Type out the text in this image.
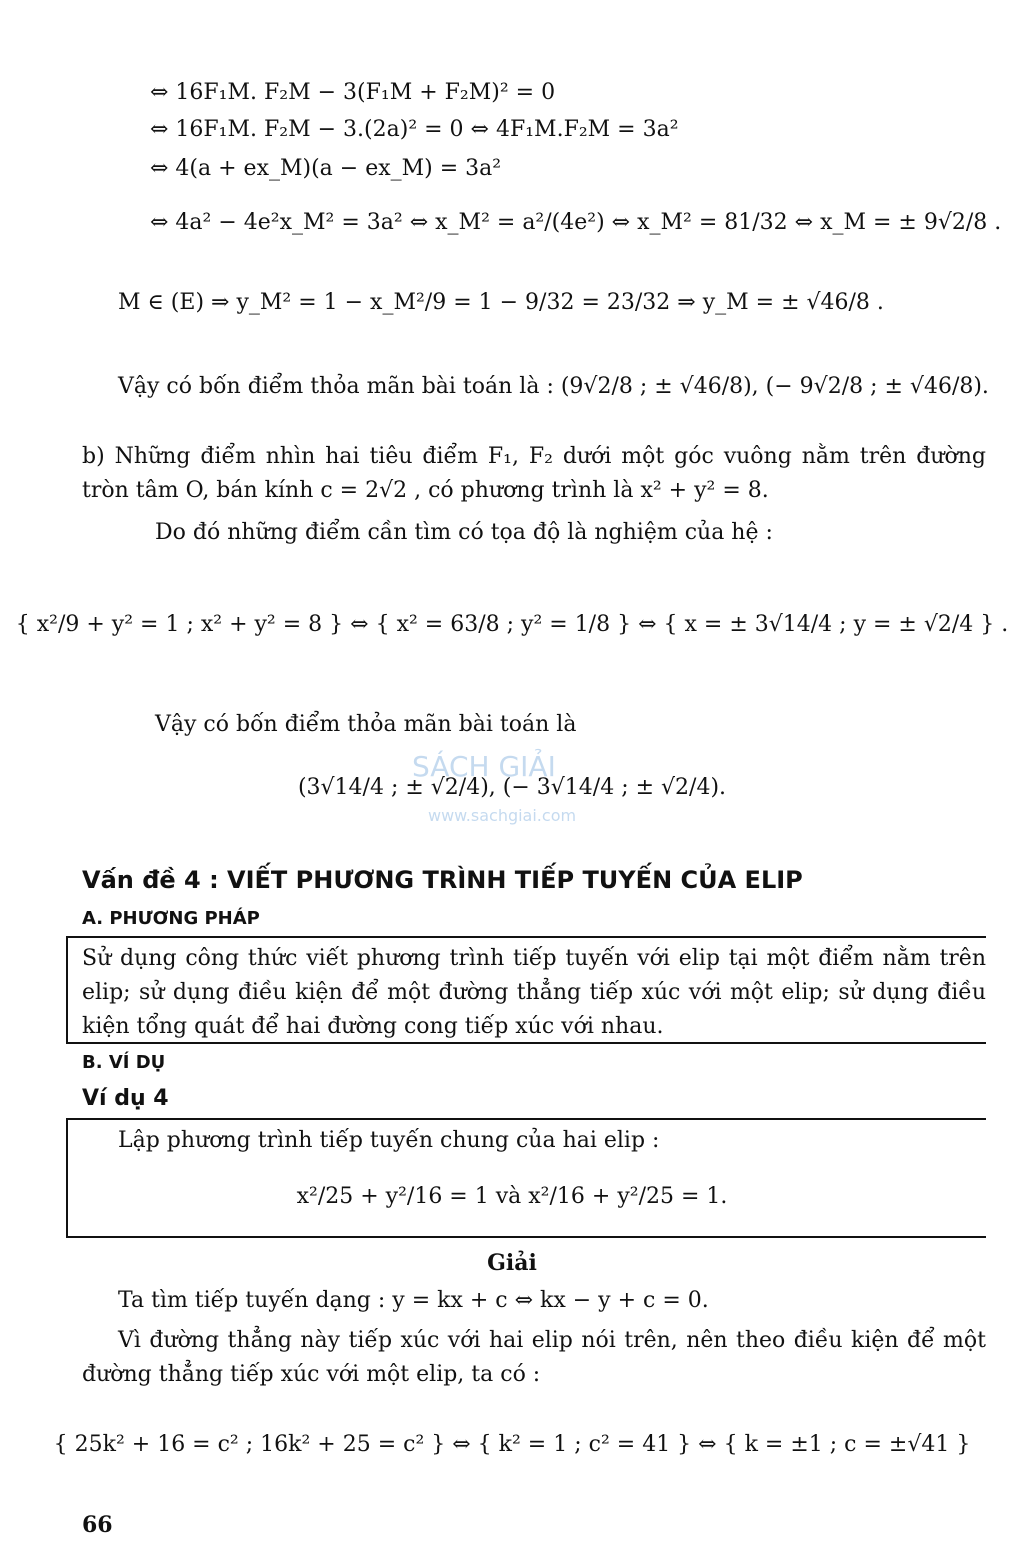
⇔ 16F₁M. F₂M − 3(F₁M + F₂M)² = 0
⇔ 16F₁M. F₂M − 3.(2a)² = 0 ⇔ 4F₁M.F₂M = 3a²
⇔ 4(a + ex_M)(a − ex_M) = 3a²
⇔ 4a² − 4e²x_M² = 3a² ⇔ x_M² = a²/(4e²) ⇔ x_M² = 81/32 ⇔ x_M = ± 9√2/8 .
M ∈ (E) ⇒ y_M² = 1 − x_M²/9 = 1 − 9/32 = 23/32 ⇒ y_M = ± √46/8 .
Vậy có bốn điểm thỏa mãn bài toán là : (9√2/8 ; ± √46/8), (− 9√2/8 ; ± √46/8).
b) Những điểm nhìn hai tiêu điểm F₁, F₂ dưới một góc vuông nằm trên đường tròn tâm O, bán kính c = 2√2 , có phương trình là x² + y² = 8.
Do đó những điểm cần tìm có tọa độ là nghiệm của hệ :
{ x²/9 + y² = 1 ; x² + y² = 8 } ⇔ { x² = 63/8 ; y² = 1/8 } ⇔ { x = ± 3√14/4 ; y = ± √2/4 } .
Vậy có bốn điểm thỏa mãn bài toán là
(3√14/4 ; ± √2/4), (− 3√14/4 ; ± √2/4).
SÁCH GIẢI
www.sachgiai.com
Vấn đề 4 : VIẾT PHƯƠNG TRÌNH TIẾP TUYẾN CỦA ELIP
A. PHƯƠNG PHÁP
Sử dụng công thức viết phương trình tiếp tuyến với elip tại một điểm nằm trên elip; sử dụng điều kiện để một đường thẳng tiếp xúc với một elip; sử dụng điều kiện tổng quát để hai đường cong tiếp xúc với nhau.
B. VÍ DỤ
Ví dụ 4
Lập phương trình tiếp tuyến chung của hai elip :
x²/25 + y²/16 = 1 và x²/16 + y²/25 = 1.
Giải
Ta tìm tiếp tuyến dạng : y = kx + c ⇔ kx − y + c = 0.
Vì đường thẳng này tiếp xúc với hai elip nói trên, nên theo điều kiện để một đường thẳng tiếp xúc với một elip, ta có :
{ 25k² + 16 = c² ; 16k² + 25 = c² } ⇔ { k² = 1 ; c² = 41 } ⇔ { k = ±1 ; c = ±√41 }
66
